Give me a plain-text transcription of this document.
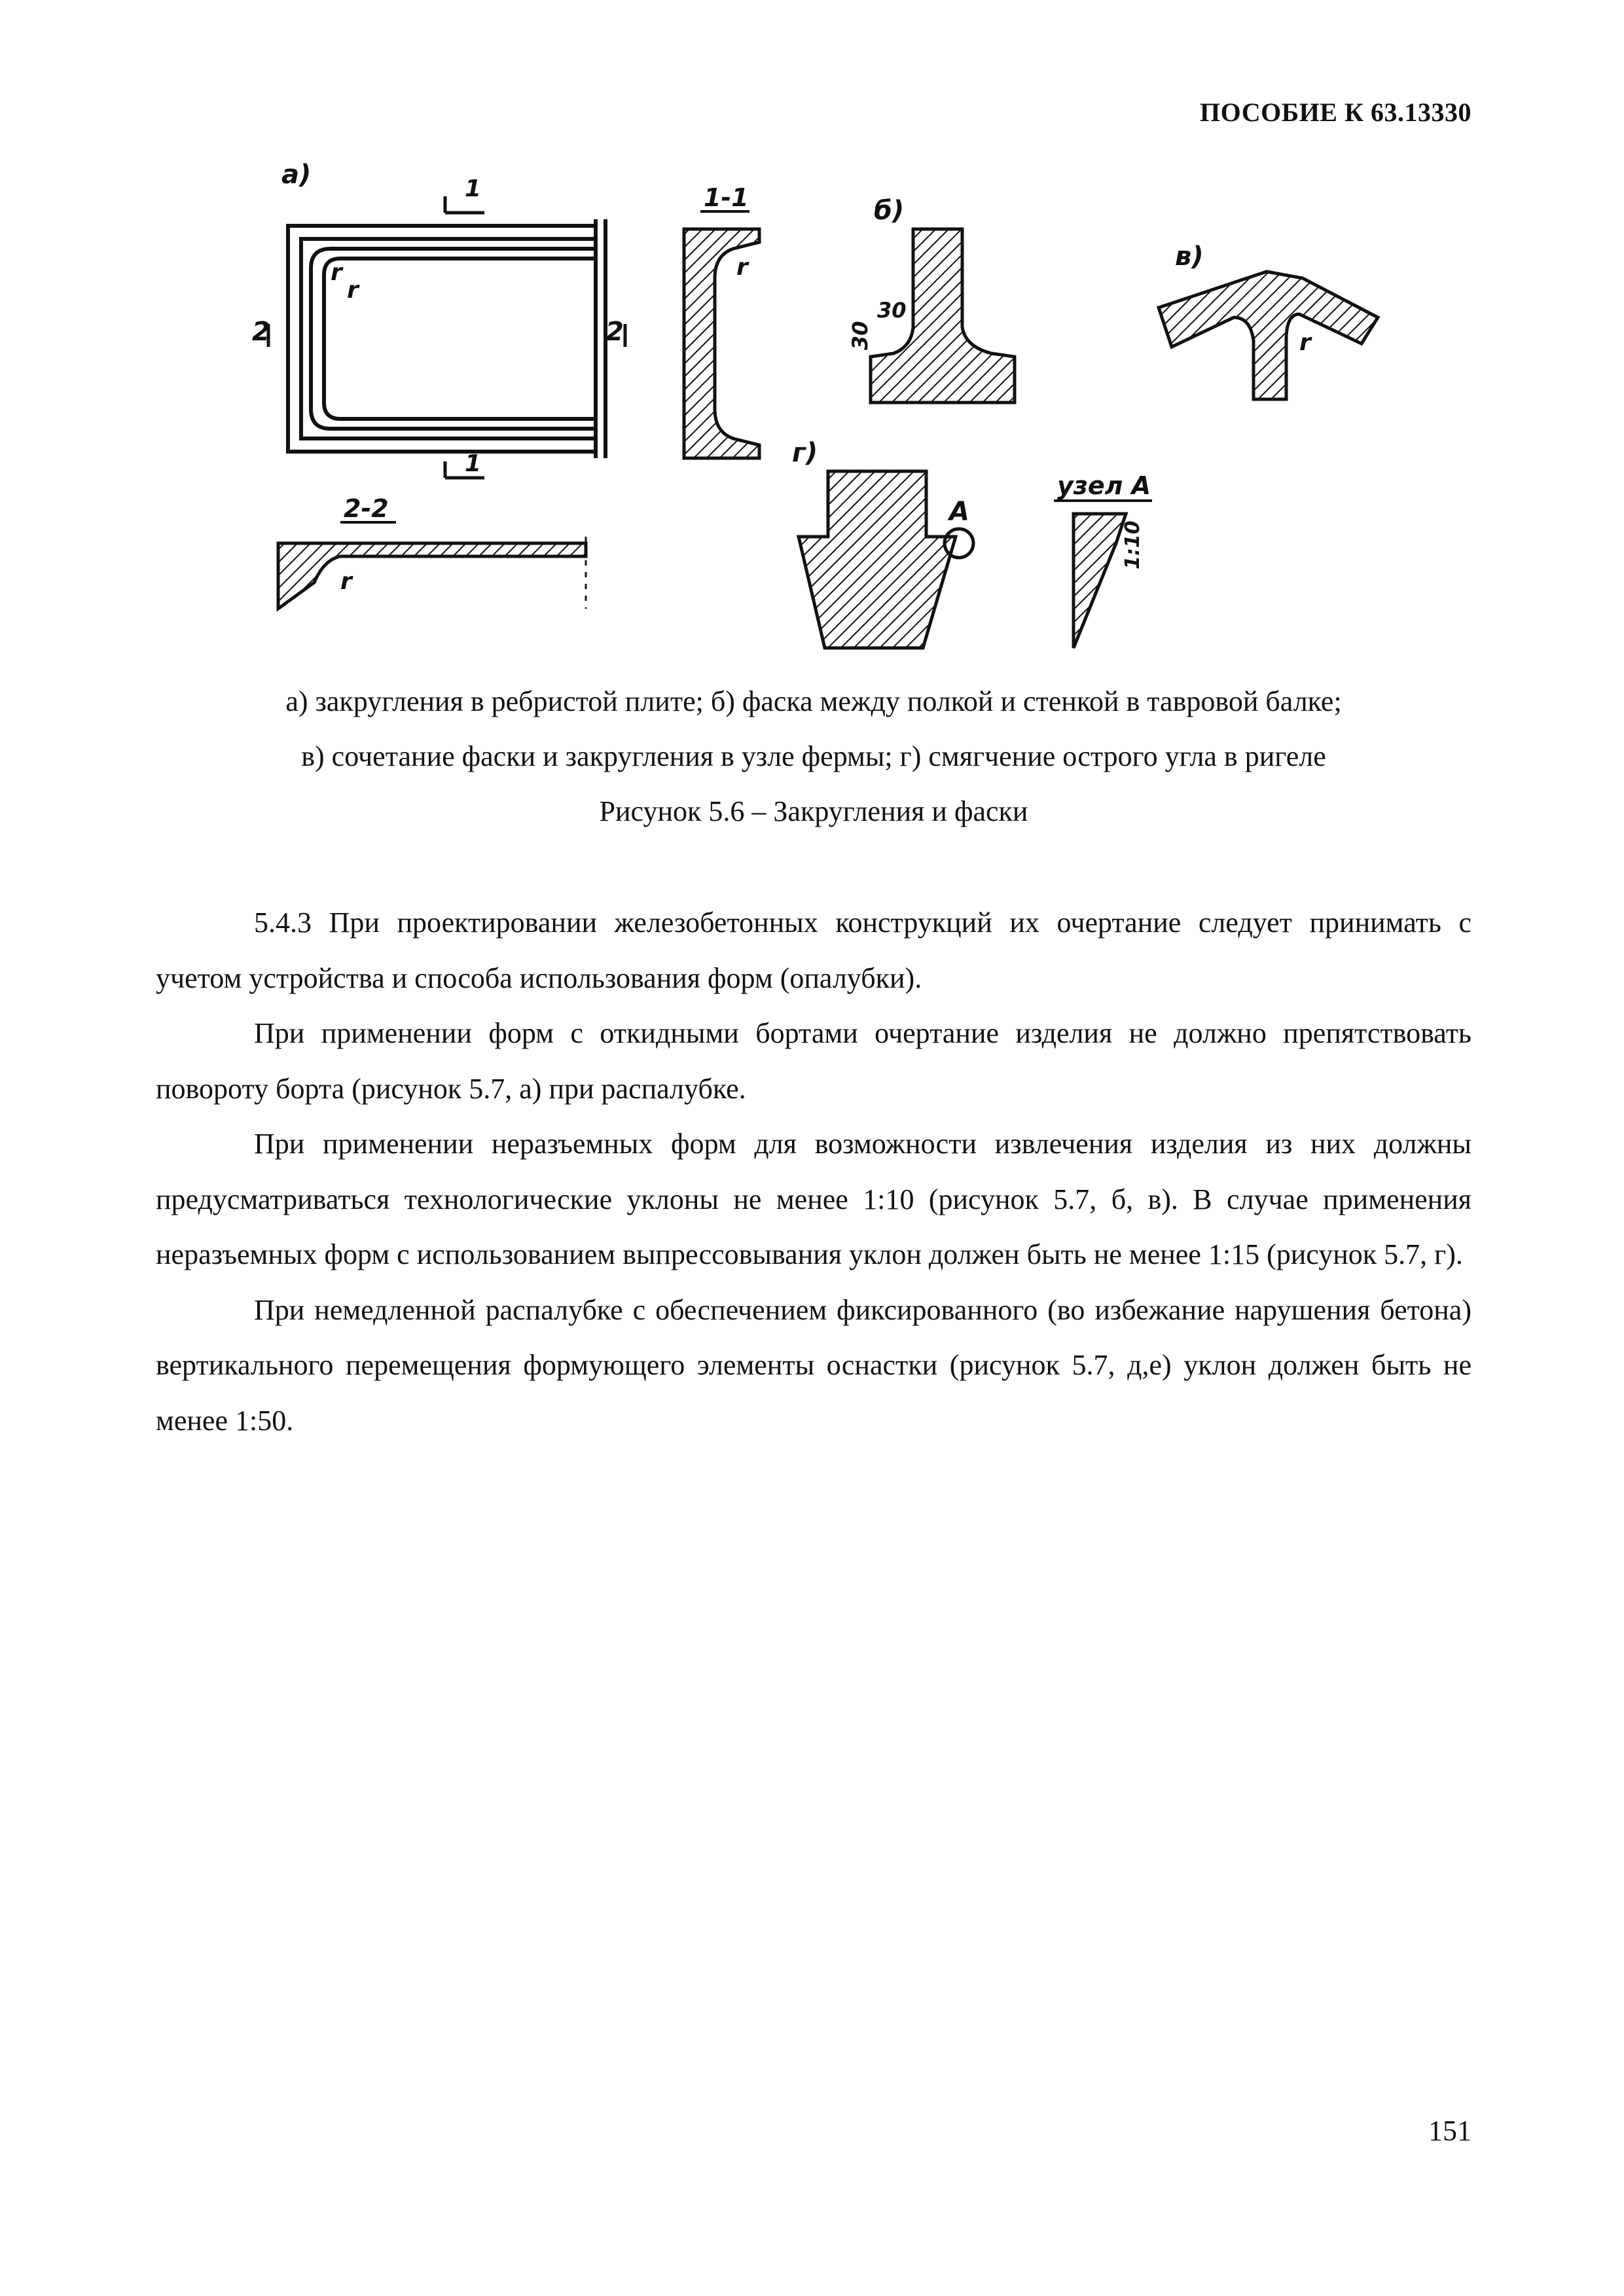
ПОСОБИЕ К 63.13330
а)	1
1
2	2
r
r
2-2
r
1-1
r
б)
30
30
в)
r
г)
A
узел A
1:10
а) закругления в ребристой плите; б) фаска между полкой и стенкой в тавровой балке;
в) сочетание фаски и закругления в узле фермы; г) смягчение острого угла в ригеле
Рисунок 5.6 – Закругления и фаски

5.4.3 При проектировании железобетонных конструкций их очертание следует принимать с учетом устройства и способа использования форм (опалубки).

При применении форм с откидными бортами очертание изделия не должно препятствовать повороту борта (рисунок 5.7, а) при распалубке.

При применении неразъемных форм для возможности извлечения изделия из них должны предусматриваться технологические уклоны не менее 1:10 (рисунок 5.7, б, в). В случае применения неразъемных форм с использованием выпрессовывания уклон должен быть не менее 1:15 (рисунок 5.7, г).

При немедленной распалубке с обеспечением фиксированного (во избежание нарушения бетона) вертикального перемещения формующего элементы оснастки (рисунок 5.7, д,е) уклон должен быть не менее 1:50.

151
